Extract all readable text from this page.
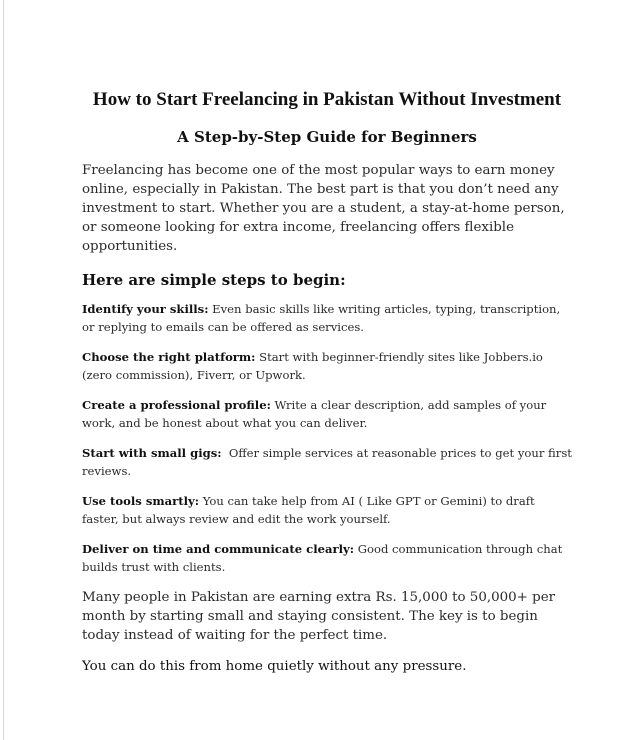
How to Start Freelancing in Pakistan Without Investment
A Step-by-Step Guide for Beginners

Freelancing has become one of the most popular ways to earn money online, especially in Pakistan. The best part is that you don’t need any investment to start. Whether you are a student, a stay-at-home person, or someone looking for extra income, freelancing offers flexible opportunities.

Here are simple steps to begin:
Identify your skills: Even basic skills like writing articles, typing, transcription, or replying to emails can be offered as services.
Choose the right platform: Start with beginner-friendly sites like Jobbers.io (zero commission), Fiverr, or Upwork.
Create a professional profile: Write a clear description, add samples of your work, and be honest about what you can deliver.
Start with small gigs:  Offer simple services at reasonable prices to get your first reviews.
Use tools smartly: You can take help from AI ( Like GPT or Gemini) to draft faster, but always review and edit the work yourself.
Deliver on time and communicate clearly: Good communication through chat builds trust with clients.

Many people in Pakistan are earning extra Rs. 15,000 to 50,000+ per month by starting small and staying consistent. The key is to begin today instead of waiting for the perfect time.

You can do this from home quietly without any pressure.
